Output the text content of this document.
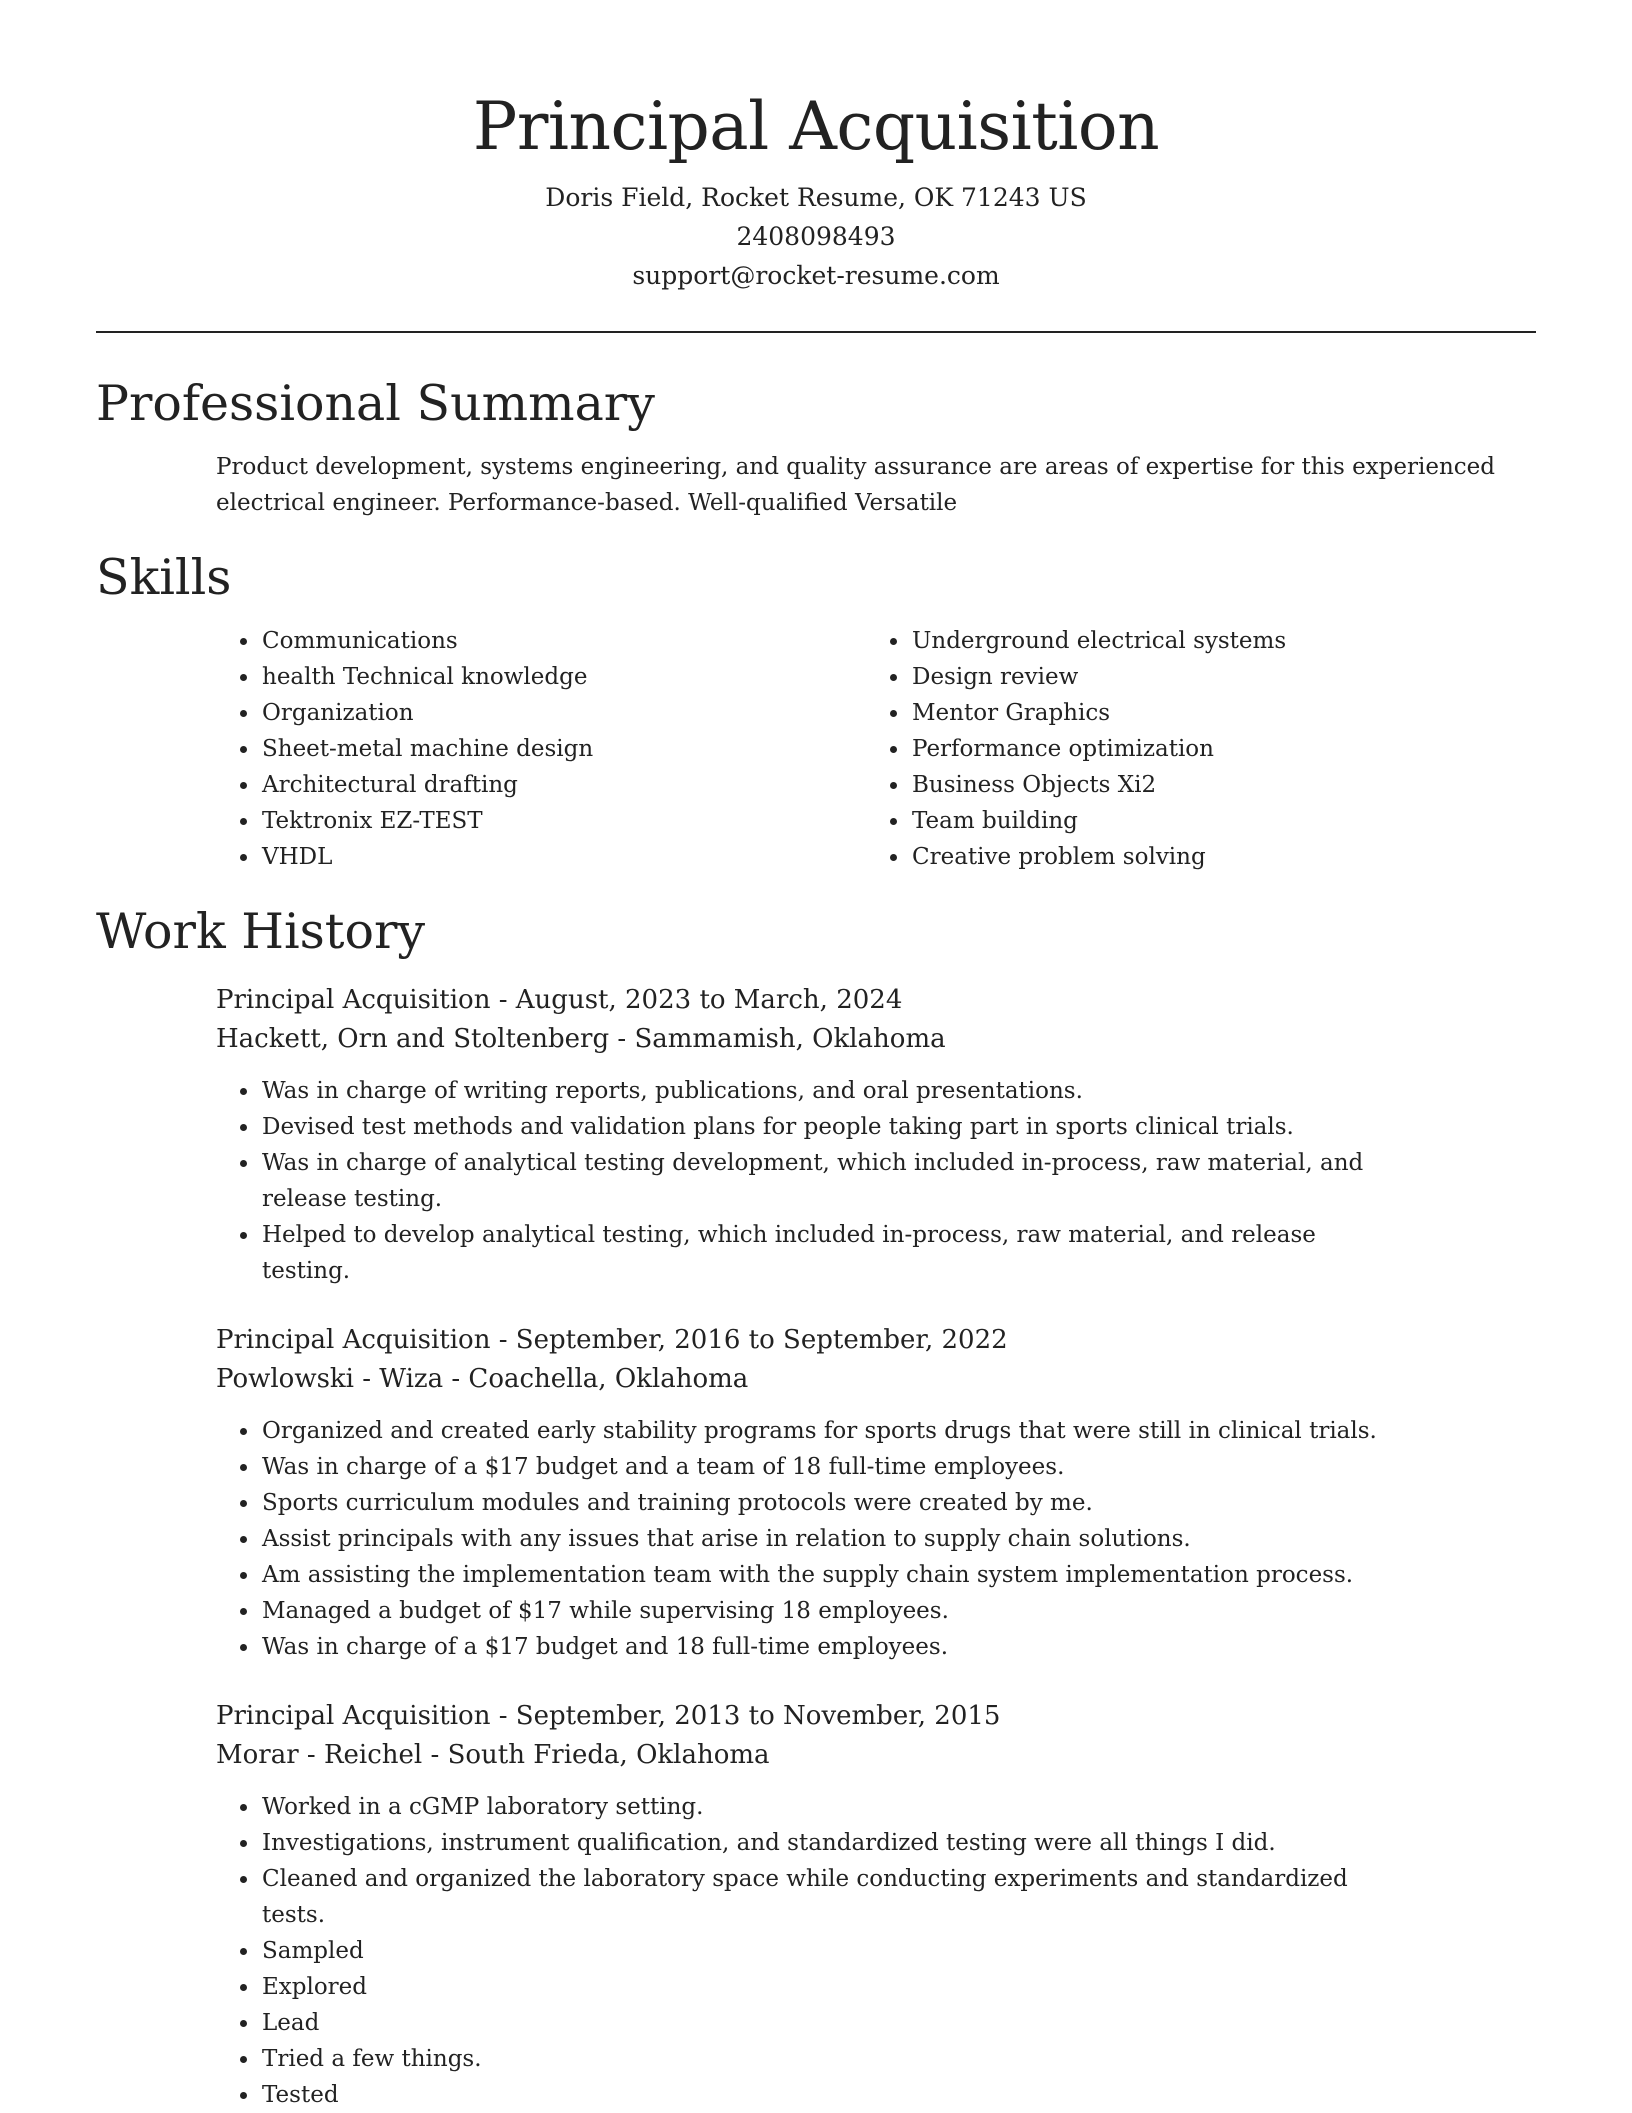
Principal Acquisition

Doris Field, Rocket Resume, OK 71243 US

2408098493

support@rocket-resume.com

Professional Summary

Product development, systems engineering, and quality assurance are areas of expertise for this experienced electrical engineer. Performance-based. Well-qualified Versatile

Skills
• Communications
• health Technical knowledge
• Organization
• Sheet-metal machine design
• Architectural drafting
• Tektronix EZ-TEST
• VHDL
• Underground electrical systems
• Design review
• Mentor Graphics
• Performance optimization
• Business Objects Xi2
• Team building
• Creative problem solving
Work History
Principal Acquisition - August, 2023 to March, 2024
Hackett, Orn and Stoltenberg - Sammamish, Oklahoma
• Was in charge of writing reports, publications, and oral presentations.
• Devised test methods and validation plans for people taking part in sports clinical trials.
• Was in charge of analytical testing development, which included in-process, raw material, and release testing.
• Helped to develop analytical testing, which included in-process, raw material, and release testing.
Principal Acquisition - September, 2016 to September, 2022
Powlowski - Wiza - Coachella, Oklahoma
• Organized and created early stability programs for sports drugs that were still in clinical trials.
• Was in charge of a $17 budget and a team of 18 full-time employees.
• Sports curriculum modules and training protocols were created by me.
• Assist principals with any issues that arise in relation to supply chain solutions.
• Am assisting the implementation team with the supply chain system implementation process.
• Managed a budget of $17 while supervising 18 employees.
• Was in charge of a $17 budget and 18 full-time employees.
Principal Acquisition - September, 2013 to November, 2015
Morar - Reichel - South Frieda, Oklahoma
• Worked in a cGMP laboratory setting.
• Investigations, instrument qualification, and standardized testing were all things I did.
• Cleaned and organized the laboratory space while conducting experiments and standardized tests.
• Sampled
• Explored
• Lead
• Tried a few things.
• Tested
